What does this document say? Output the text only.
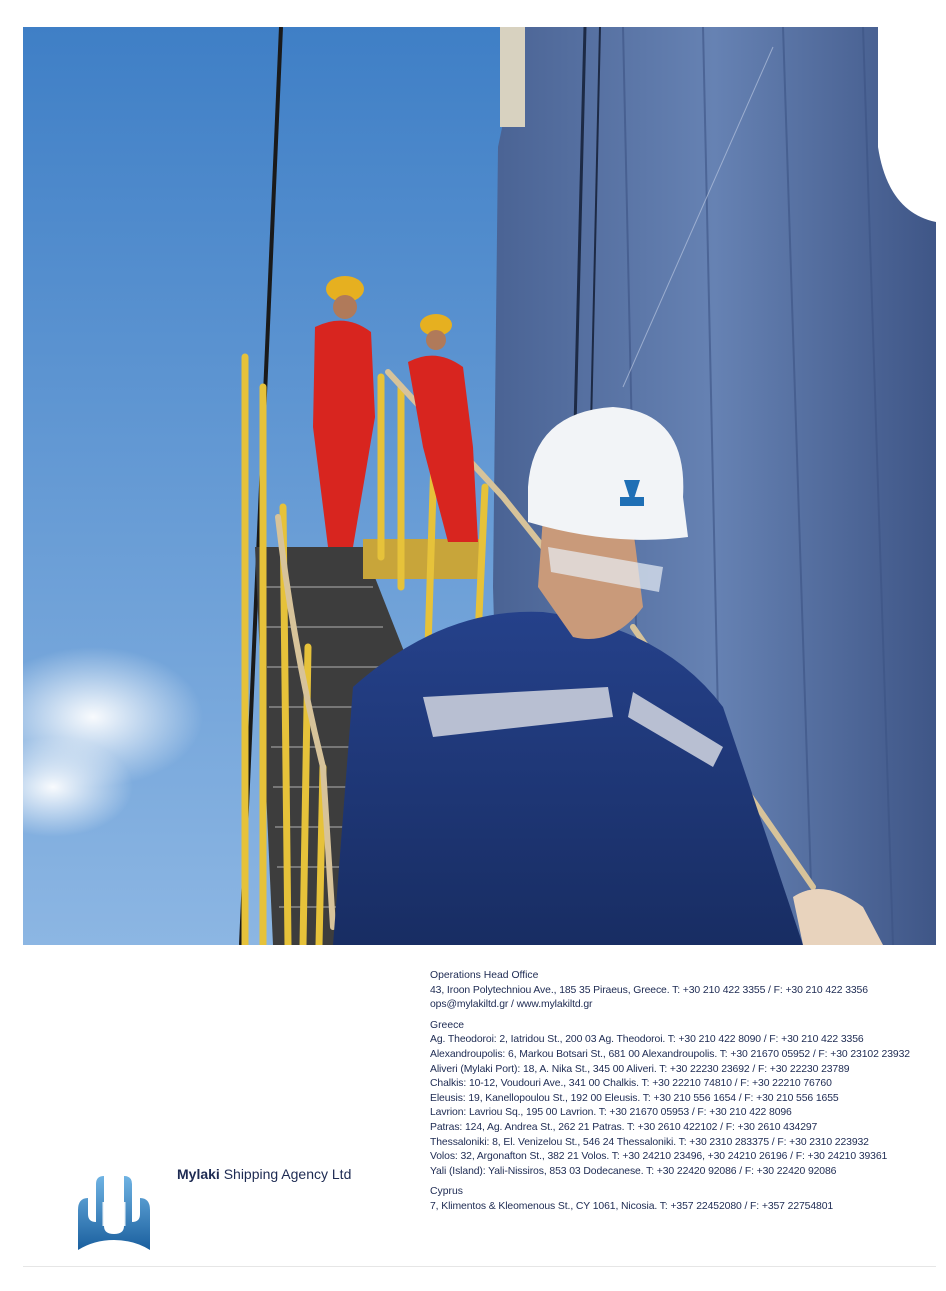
Mylaki Shipping Agency Ltd
Operations Head Office
43, Iroon Polytechniou Ave., 185 35 Piraeus, Greece. T: +30 210 422 3355 / F: +30 210 422 3356
ops@mylakiltd.gr / www.mylakiltd.gr
Greece
Ag. Theodoroi: 2, Iatridou St., 200 03 Ag. Theodoroi. T: +30 210 422 8090 / F: +30 210 422 3356
Alexandroupolis: 6, Markou Botsari St., 681 00 Alexandroupolis. T: +30 21670 05952 / F: +30 23102 23932
Aliveri (Mylaki Port): 18, A. Nika St., 345 00 Aliveri. T: +30 22230 23692 / F: +30 22230 23789
Chalkis: 10-12, Voudouri Ave., 341 00 Chalkis. T: +30 22210 74810 / F: +30 22210 76760
Eleusis: 19, Kanellopoulou St., 192 00 Eleusis. T: +30 210 556 1654 / F: +30 210 556 1655
Lavrion: Lavriou Sq., 195 00 Lavrion. T: +30 21670 05953 / F: +30 210 422 8096
Patras: 124, Ag. Andrea St., 262 21 Patras. T: +30 2610 422102 / F: +30 2610 434297
Thessaloniki: 8, El. Venizelou St., 546 24 Thessaloniki. T: +30 2310 283375 / F: +30 2310 223932
Volos: 32, Argonafton St., 382 21 Volos. T: +30 24210 23496, +30 24210 26196 / F: +30 24210 39361
Yali (Island): Yali-Nissiros, 853 03 Dodecanese. T: +30 22420 92086 / F: +30 22420 92086
Cyprus
7, Klimentos & Kleomenous St., CY 1061, Nicosia. T: +357 22452080 / F: +357 22754801
